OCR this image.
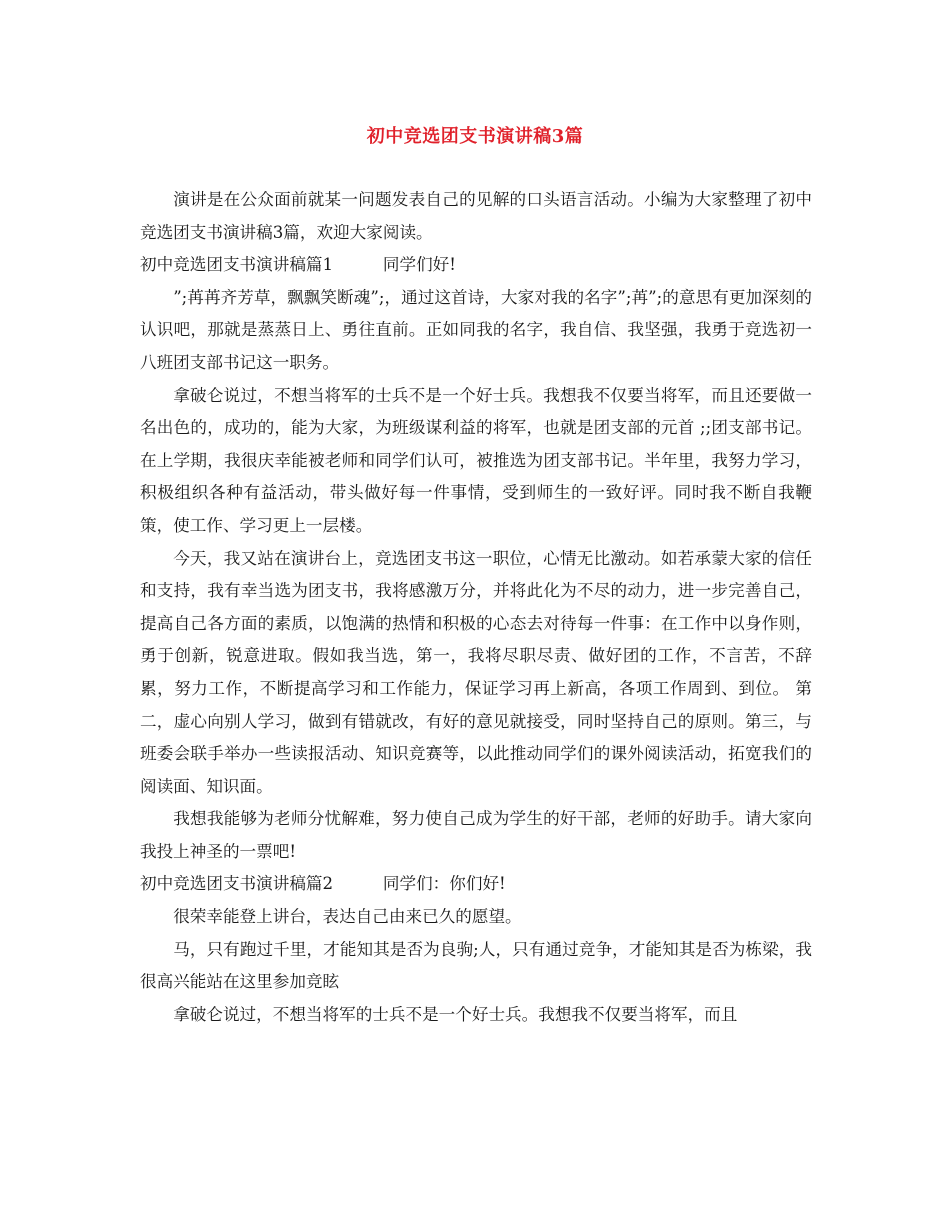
初中竞选团支书演讲稿3篇

演讲是在公众面前就某一问题发表自己的见解的口头语言活动。小编为大家整理了初中竞选团支书演讲稿3篇，欢迎大家阅读。

初中竞选团支书演讲稿篇1	同学们好!

”;苒苒齐芳草，飘飘笑断魂”;，通过这首诗，大家对我的名字”;苒”;的意思有更加深刻的认识吧，那就是蒸蒸日上、勇往直前。正如同我的名字，我自信、我坚强，我勇于竞选初一八班团支部书记这一职务。

拿破仑说过，不想当将军的士兵不是一个好士兵。我想我不仅要当将军，而且还要做一名出色的，成功的，能为大家，为班级谋利益的将军，也就是团支部的元首 ;;团支部书记。在上学期，我很庆幸能被老师和同学们认可，被推选为团支部书记。半年里，我努力学习，积极组织各种有益活动，带头做好每一件事情，受到师生的一致好评。同时我不断自我鞭策，使工作、学习更上一层楼。

今天，我又站在演讲台上，竞选团支书这一职位，心情无比激动。如若承蒙大家的信任和支持，我有幸当选为团支书，我将感激万分，并将此化为不尽的动力，进一步完善自己，提高自己各方面的素质，以饱满的热情和积极的心态去对待每一件事：在工作中以身作则，勇于创新，锐意进取。假如我当选，第一，我将尽职尽责、做好团的工作，不言苦，不辞累，努力工作，不断提高学习和工作能力，保证学习再上新高，各项工作周到、到位。 第二，虚心向别人学习，做到有错就改，有好的意见就接受，同时坚持自己的原则。第三，与班委会联手举办一些读报活动、知识竞赛等，以此推动同学们的课外阅读活动，拓宽我们的阅读面、知识面。

我想我能够为老师分忧解难，努力使自己成为学生的好干部，老师的好助手。请大家向我投上神圣的一票吧!

初中竞选团支书演讲稿篇2	同学们：你们好!

很荣幸能登上讲台，表达自己由来已久的愿望。

马，只有跑过千里，才能知其是否为良驹;人，只有通过竞争，才能知其是否为栋梁，我很高兴能站在这里参加竞眩

拿破仑说过，不想当将军的士兵不是一个好士兵。我想我不仅要当将军，而且
